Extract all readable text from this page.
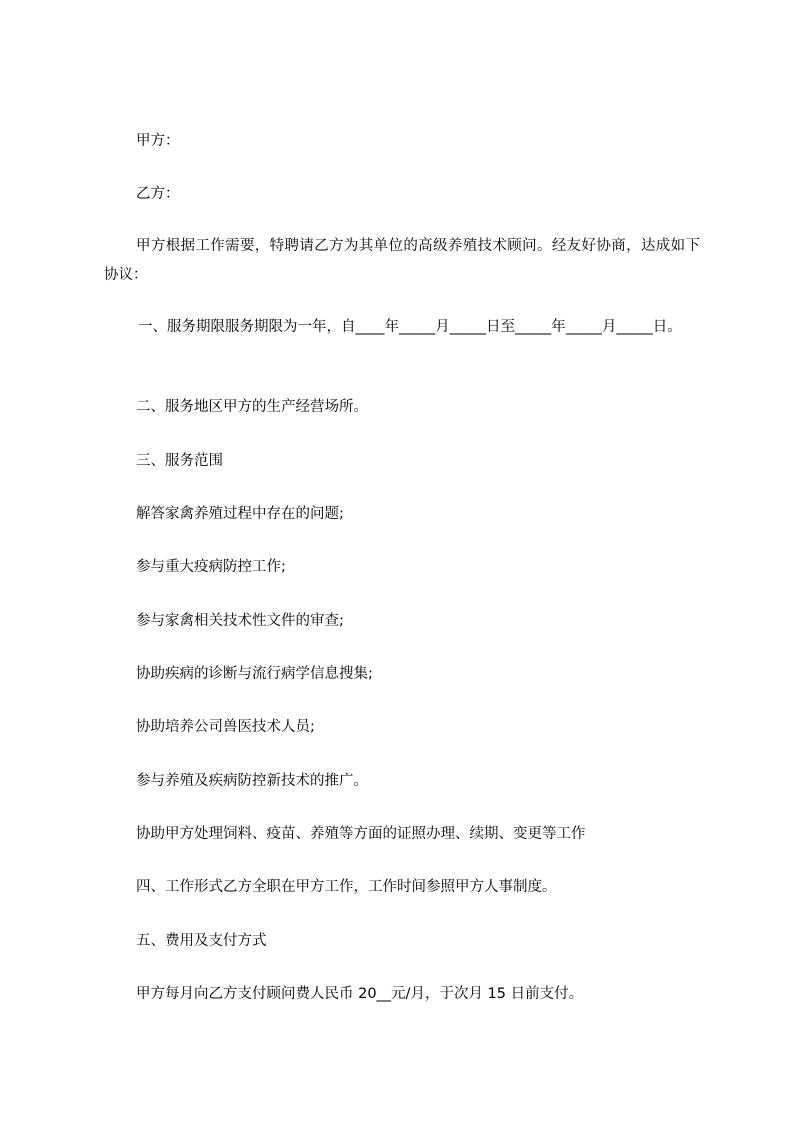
甲方：
乙方：
甲方根据工作需要，特聘请乙方为其单位的高级养殖技术顾问。经友好协商，达成如下协议：
一、服务期限服务期限为一年，自____年_____月_____日至_____年_____月_____日。
二、服务地区甲方的生产经营场所。
三、服务范围
解答家禽养殖过程中存在的问题;
参与重大疫病防控工作;
参与家禽相关技术性文件的审查;
协助疾病的诊断与流行病学信息搜集;
协助培养公司兽医技术人员;
参与养殖及疾病防控新技术的推广。
协助甲方处理饲料、疫苗、养殖等方面的证照办理、续期、变更等工作
四、工作形式乙方全职在甲方工作，工作时间参照甲方人事制度。
五、费用及支付方式
甲方每月向乙方支付顾问费人民币 20__元/月，于次月 15 日前支付。
